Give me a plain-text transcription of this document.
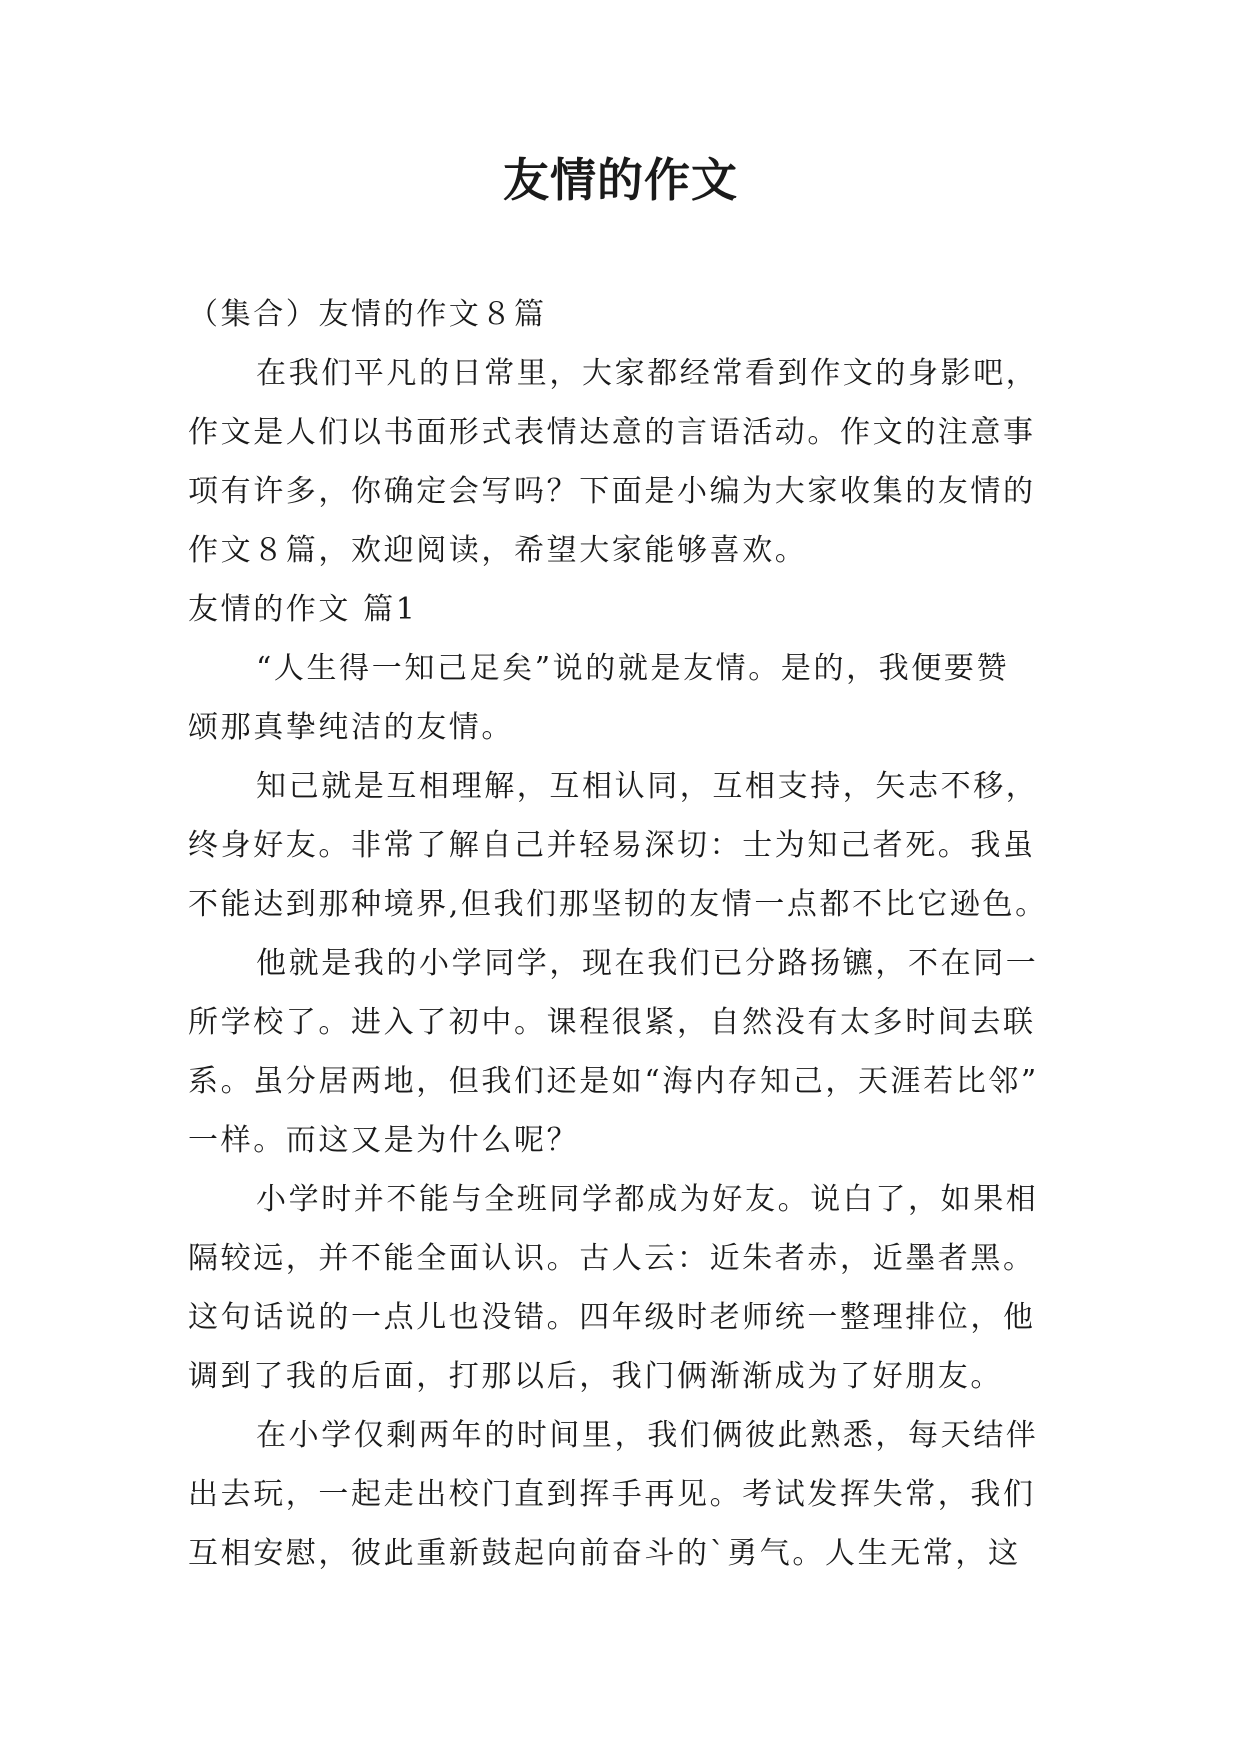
友情的作文
（集合）友情的作文８篇
在我们平凡的日常里，大家都经常看到作文的身影吧，
作文是人们以书面形式表情达意的言语活动。作文的注意事
项有许多，你确定会写吗？下面是小编为大家收集的友情的
作文８篇，欢迎阅读，希望大家能够喜欢。
友情的作文 篇1
“人生得一知己足矣”说的就是友情。是的，我便要赞
颂那真挚纯洁的友情。
知己就是互相理解，互相认同，互相支持，矢志不移，
终身好友。非常了解自己并轻易深切：士为知己者死。我虽
不能达到那种境界,但我们那坚韧的友情一点都不比它逊色。
他就是我的小学同学，现在我们已分路扬镳，不在同一
所学校了。进入了初中。课程很紧，自然没有太多时间去联
系。虽分居两地，但我们还是如“海内存知己，天涯若比邻”
一样。而这又是为什么呢？
小学时并不能与全班同学都成为好友。说白了，如果相
隔较远，并不能全面认识。古人云：近朱者赤，近墨者黑。
这句话说的一点儿也没错。四年级时老师统一整理排位，他
调到了我的后面，打那以后，我门俩渐渐成为了好朋友。
在小学仅剩两年的时间里，我们俩彼此熟悉，每天结伴
出去玩，一起走出校门直到挥手再见。考试发挥失常，我们
互相安慰，彼此重新鼓起向前奋斗的`勇气。人生无常，这
